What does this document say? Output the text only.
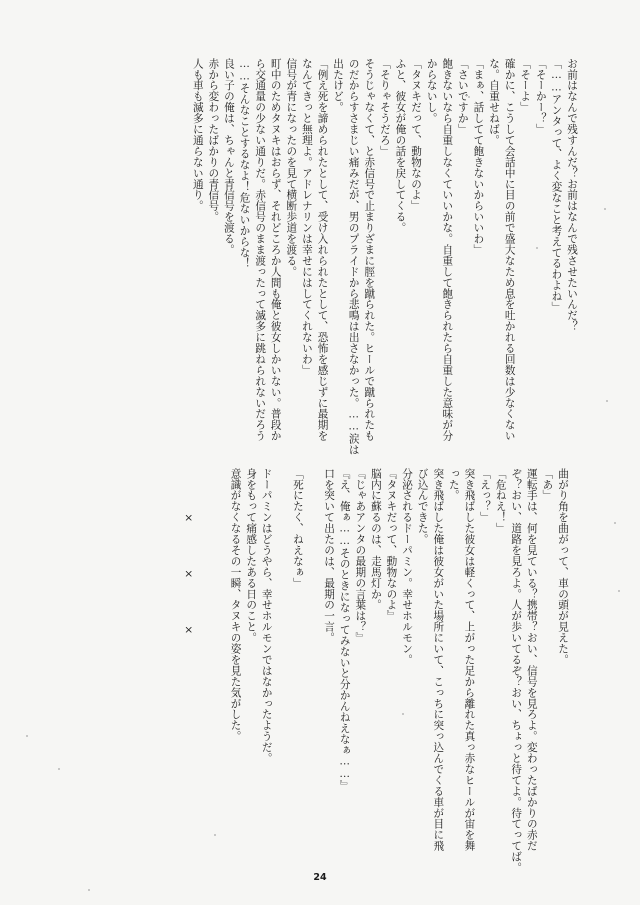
お前はなんで残すんだ？お前はなんで残させたいんだ？
「……アンタって、よく変なこと考えてるわよね」
「そーかー？」
「そーよ」
確かに、こうして会話中に目の前で盛大なため息を吐かれる回数は少なくない
な。自重せねば。
「まぁ、話してて飽きないからいいわ」
「さいですか」
飽きないなら自重しなくていいかな。自重して飽きられたら自重した意味が分
からないし。
「タヌキだって、動物なのよ」
ふと、彼女が俺の話を戻してくる。
「そりゃそうだろ」
そうじゃなくて、と赤信号で止まりざまに脛を蹴られた。ヒールで蹴られたも
のだからすさまじい痛みだが、男のプライドから悲鳴は出さなかった。……涙は
出たけど。
「例え死を諦められたとして、受け入れられたとして、恐怖を感じずに最期を
なんてきっと無理よ。アドレナリンは幸せにはしてくれないわ」
信号が青になったのを見て横断歩道を渡る。
町中のためタヌキはおらず、それどころか人間も俺と彼女しかいない。普段か
ら交通量の少ない通りだ。赤信号のまま渡ったって滅多に跳ねられないだろう
……そんなことするなよ！危ないからな！
良い子の俺は、ちゃんと青信号を渡る。
赤から変わったばかりの青信号。
人も車も滅多に通らない通り。
曲がり角を曲がって、車の頭が見えた。
「あ」
運転手は、何を見ている？携帯？おい、信号を見ろよ。変わったばかりの赤だ
ぞ？おい、道路を見ろよ。人が歩いてるぞ？おい、ちょっと待てよ。待てってば。
「危ねえ！」
「えっ？」
突き飛ばした彼女は軽くって、上がった足から離れた真っ赤なヒールが宙を舞
った。
突き飛ばした俺は彼女がいた場所にいて、こっちに突っ込んでくる車が目に飛
び込んできた。
分泌されるドーパミン。幸せホルモン。
『タヌキだって、動物なのよ』
脳内に蘇るのは、走馬灯か。
『じゃあアンタの最期の言葉は？』
『え、俺ぁ……そのときになってみないと分かんねえなぁ……』
口を突いて出たのは、最期の一言。

「死にたく、ねえなぁ」

ドーパミンはどうやら、幸せホルモンではなかったようだ。
身をもって痛感したある日のこと。
意識がなくなるその一瞬、タヌキの姿を見た気がした。

　　　　×　　　　×　　　　×
24
